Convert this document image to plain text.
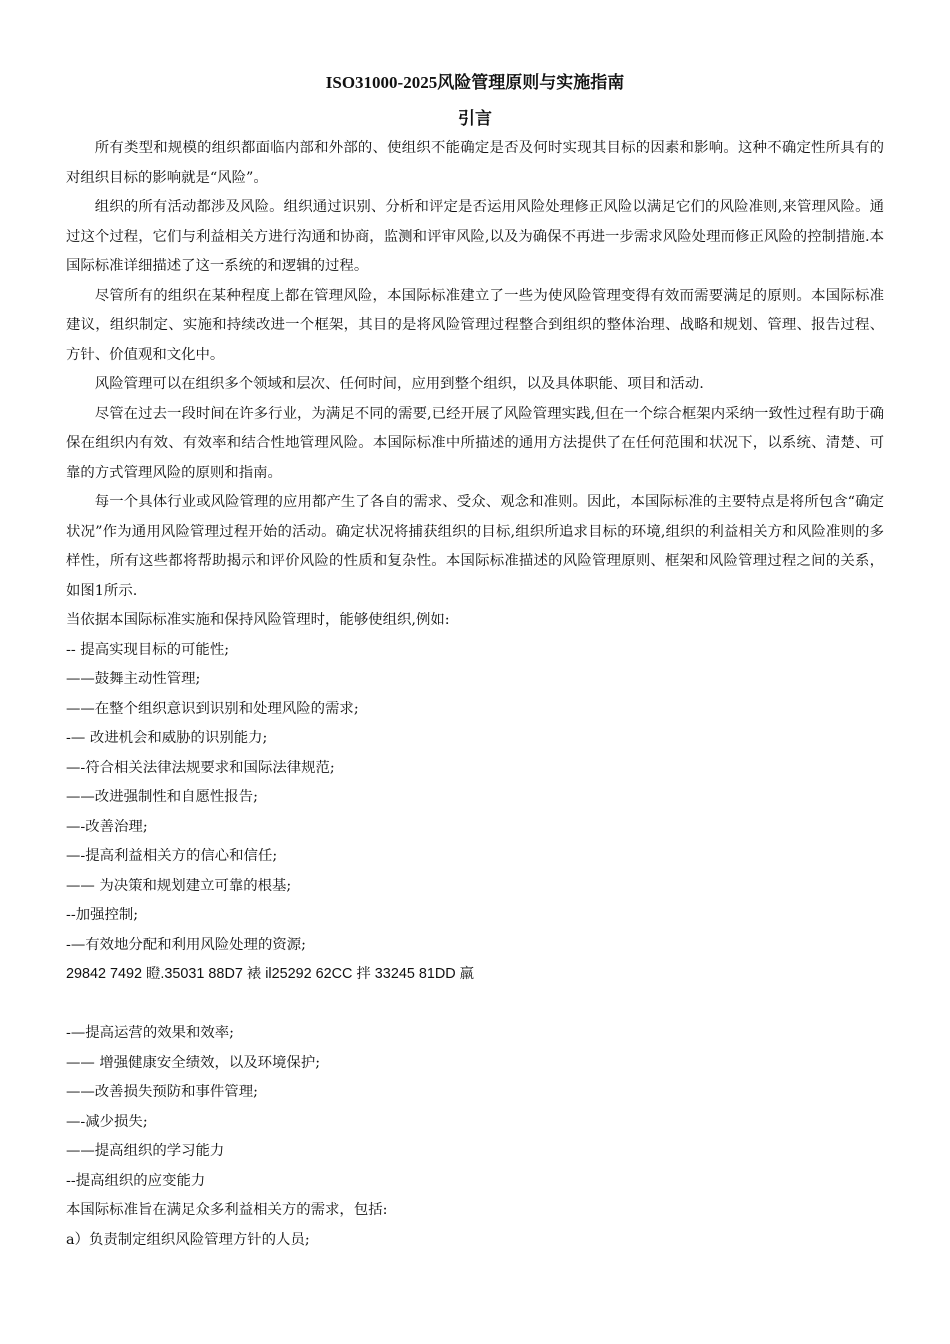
ISO31000-2025风险管理原则与实施指南
引言

所有类型和规模的组织都面临内部和外部的、使组织不能确定是否及何时实现其目标的因素和影响。这种不确定性所具有的对组织目标的影响就是“风险”。

组织的所有活动都涉及风险。组织通过识别、分析和评定是否运用风险处理修正风险以满足它们的风险准则,来管理风险。通过这个过程，它们与利益相关方进行沟通和协商，监测和评审风险,以及为确保不再进一步需求风险处理而修正风险的控制措施.本国际标准详细描述了这一系统的和逻辑的过程。

尽管所有的组织在某种程度上都在管理风险，本国际标准建立了一些为使风险管理变得有效而需要满足的原则。本国际标准建议，组织制定、实施和持续改进一个框架，其目的是将风险管理过程整合到组织的整体治理、战略和规划、管理、报告过程、方针、价值观和文化中。

风险管理可以在组织多个领域和层次、任何时间，应用到整个组织，以及具体职能、项目和活动.

尽管在过去一段时间在许多行业，为满足不同的需要,已经开展了风险管理实践,但在一个综合框架内采纳一致性过程有助于确保在组织内有效、有效率和结合性地管理风险。本国际标准中所描述的通用方法提供了在任何范围和状况下，以系统、清楚、可靠的方式管理风险的原则和指南。

每一个具体行业或风险管理的应用都产生了各自的需求、受众、观念和准则。因此，本国际标准的主要特点是将所包含“确定状况”作为通用风险管理过程开始的活动。确定状况将捕获组织的目标,组织所追求目标的环境,组织的利益相关方和风险准则的多样性，所有这些都将帮助揭示和评价风险的性质和复杂性。本国际标准描述的风险管理原则、框架和风险管理过程之间的关系，如图1所示.

当依据本国际标准实施和保持风险管理时，能够使组织,例如:

-- 提高实现目标的可能性;

——鼓舞主动性管理;

——在整个组织意识到识别和处理风险的需求;

-— 改进机会和威胁的识别能力;

—-符合相关法律法规要求和国际法律规范;

——改进强制性和自愿性报告;

—-改善治理;

—-提高利益相关方的信心和信任;

—— 为决策和规划建立可靠的根基;

--加强控制;

-—有效地分配和利用风险处理的资源;

29842 7492 瞪.35031 88D7 裱 il25292 62CC 拌 33245 81DD 羸

-—提高运营的效果和效率;

—— 增强健康安全绩效，以及环境保护;

——改善损失预防和事件管理;

—-减少损失;

——提高组织的学习能力

--提高组织的应变能力

本国际标准旨在满足众多利益相关方的需求，包括:

a）负责制定组织风险管理方针的人员;
